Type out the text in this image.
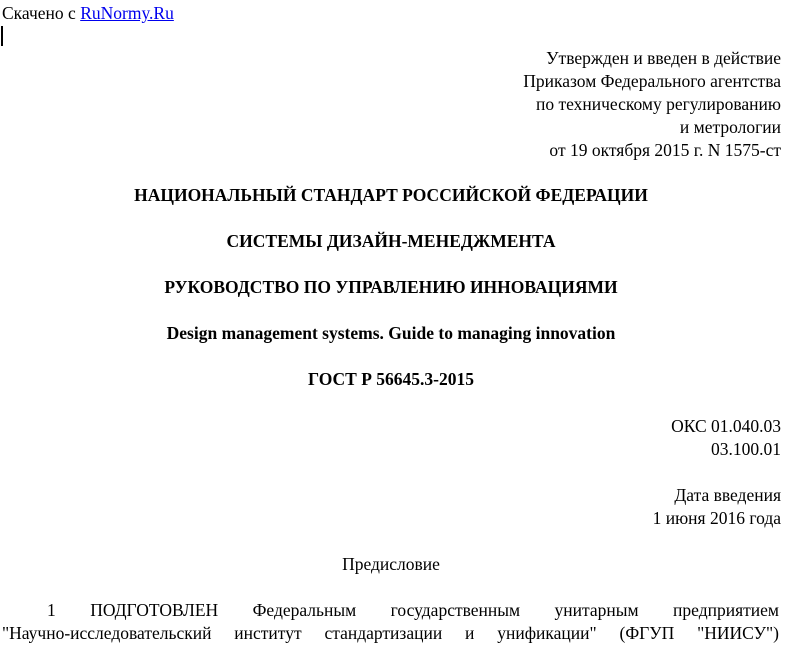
Скачено с RuNormy.Ru
Утвержден и введен в действие
Приказом Федерального агентства
по техническому регулированию
и метрологии
от 19 октября 2015 г. N 1575-ст
НАЦИОНАЛЬНЫЙ СТАНДАРТ РОССИЙСКОЙ ФЕДЕРАЦИИ
СИСТЕМЫ ДИЗАЙН-МЕНЕДЖМЕНТА
РУКОВОДСТВО ПО УПРАВЛЕНИЮ ИННОВАЦИЯМИ
Design management systems. Guide to managing innovation
ГОСТ Р 56645.3-2015
ОКС 01.040.03
03.100.01
Дата введения
1 июня 2016 года
Предисловие
1 ПОДГОТОВЛЕН Федеральным государственным унитарным предприятием
"Научно-исследовательский институт стандартизации и унификации" (ФГУП "НИИСУ")
